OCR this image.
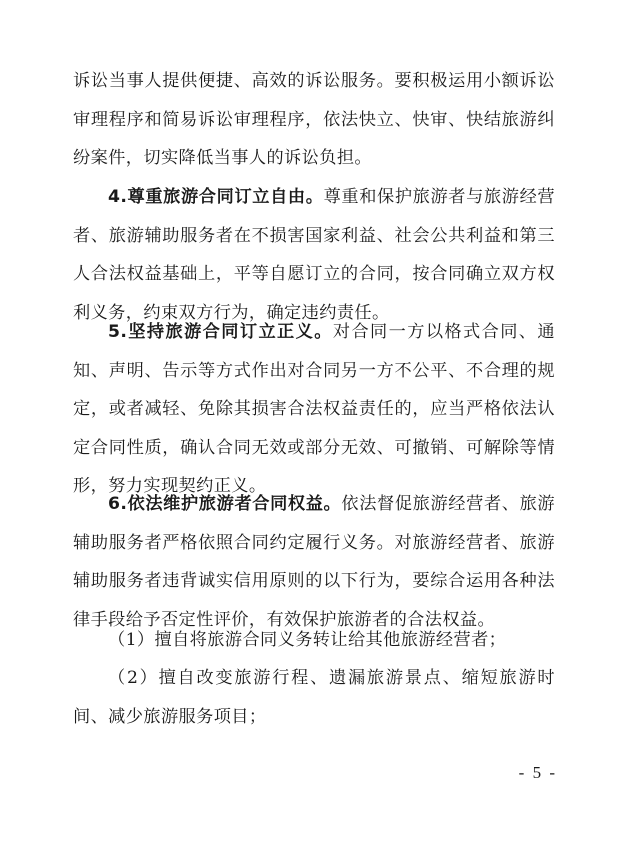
诉讼当事人提供便捷、高效的诉讼服务。要积极运用小额诉讼审理程序和简易诉讼审理程序，依法快立、快审、快结旅游纠纷案件，切实降低当事人的诉讼负担。

4.尊重旅游合同订立自由。尊重和保护旅游者与旅游经营者、旅游辅助服务者在不损害国家利益、社会公共利益和第三人合法权益基础上，平等自愿订立的合同，按合同确立双方权利义务，约束双方行为，确定违约责任。

5.坚持旅游合同订立正义。对合同一方以格式合同、通知、声明、告示等方式作出对合同另一方不公平、不合理的规定，或者减轻、免除其损害合法权益责任的，应当严格依法认定合同性质，确认合同无效或部分无效、可撤销、可解除等情形，努力实现契约正义。

6.依法维护旅游者合同权益。依法督促旅游经营者、旅游辅助服务者严格依照合同约定履行义务。对旅游经营者、旅游辅助服务者违背诚实信用原则的以下行为，要综合运用各种法律手段给予否定性评价，有效保护旅游者的合法权益。

（1）擅自将旅游合同义务转让给其他旅游经营者；

（2）擅自改变旅游行程、遗漏旅游景点、缩短旅游时间、减少旅游服务项目；

- 5 -
